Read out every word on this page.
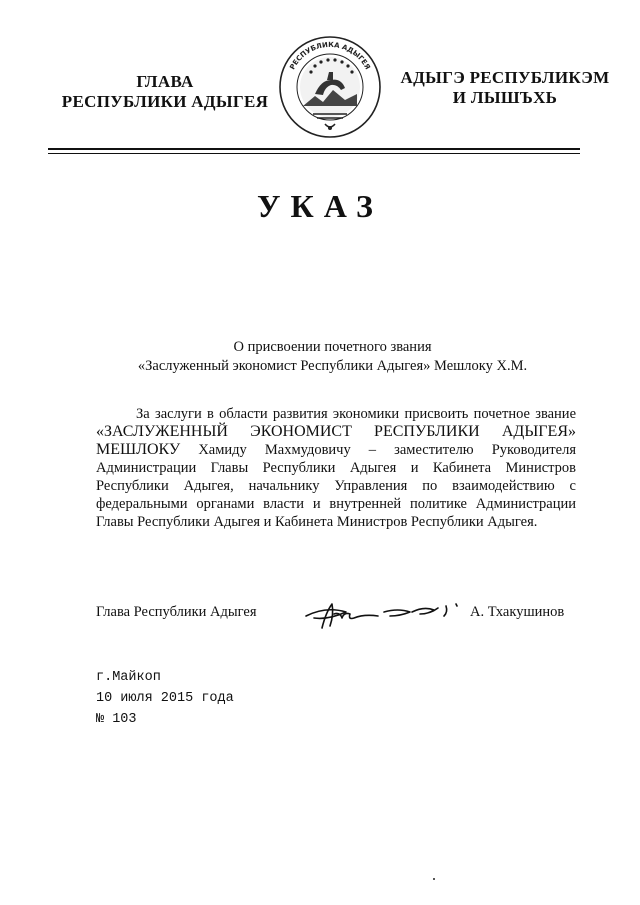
ГЛАВА
РЕСПУБЛИКИ АДЫГЕЯ
РЕСПУБЛИКА АДЫГЕЯ
АДЫГЭ РЕСПУБЛИКЭМ
И ЛЫШЪХЬ
УКАЗ
О присвоении почетного звания
«Заслуженный экономист Республики Адыгея» Мешлоку Х.М.

За заслуги в области развития экономики присвоить почетное звание «ЗАСЛУЖЕННЫЙ ЭКОНОМИСТ РЕСПУБЛИКИ АДЫГЕЯ» МЕШЛОКУ Хамиду Махмудовичу – заместителю Руководителя Администрации Главы Республики Адыгея и Кабинета Министров Республики Адыгея, начальнику Управления по взаимодействию с федеральными органами власти и внутренней политике Администрации Главы Республики Адыгея и Кабинета Министров Республики Адыгея.

Глава Республики Адыгея	А. Тхакушинов
г.Майкоп
10 июля 2015 года
№ 103
